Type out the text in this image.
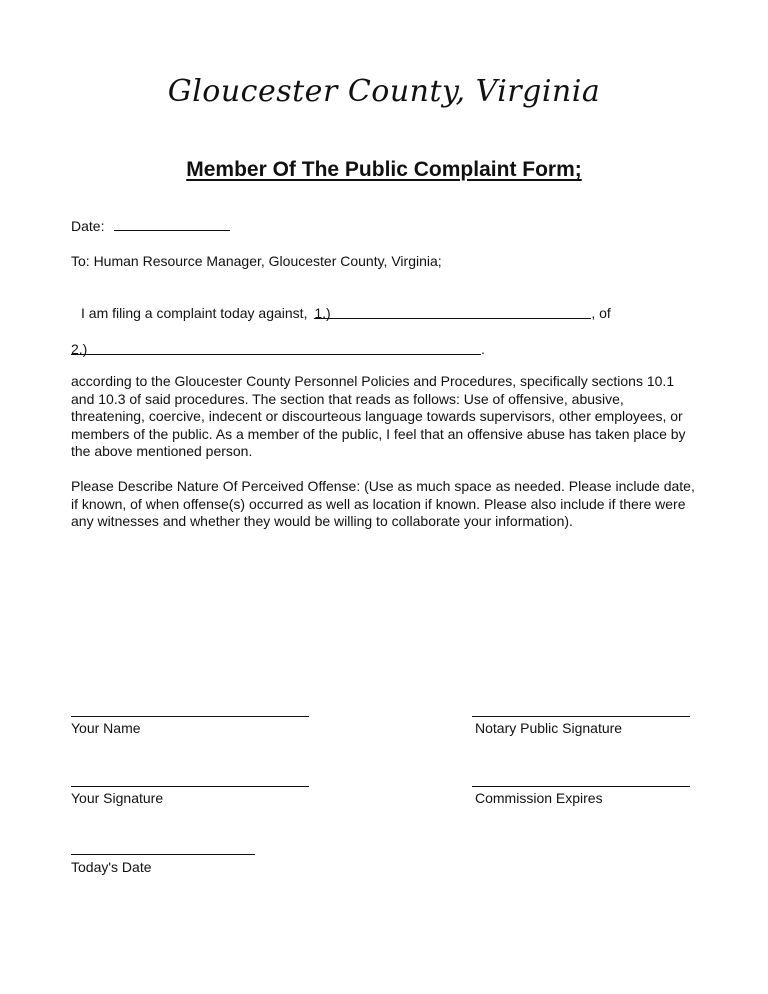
Gloucester County, Virginia
Member Of The Public Complaint Form;
Date:
To: Human Resource Manager, Gloucester County, Virginia;
I am filing a complaint today against, 1.)	, of
2.)	.
according to the Gloucester County Personnel Policies and Procedures, specifically sections 10.1 and 10.3 of said procedures. The section that reads as follows: Use of offensive, abusive, threatening, coercive, indecent or discourteous language towards supervisors, other employees, or members of the public. As a member of the public, I feel that an offensive abuse has taken place by the above mentioned person.
Please Describe Nature Of Perceived Offense: (Use as much space as needed. Please include date, if known, of when offense(s) occurred as well as location if known. Please also include if there were any witnesses and whether they would be willing to collaborate your information).
Your Name	Notary Public Signature
Your Signature	Commission Expires
Today's Date
